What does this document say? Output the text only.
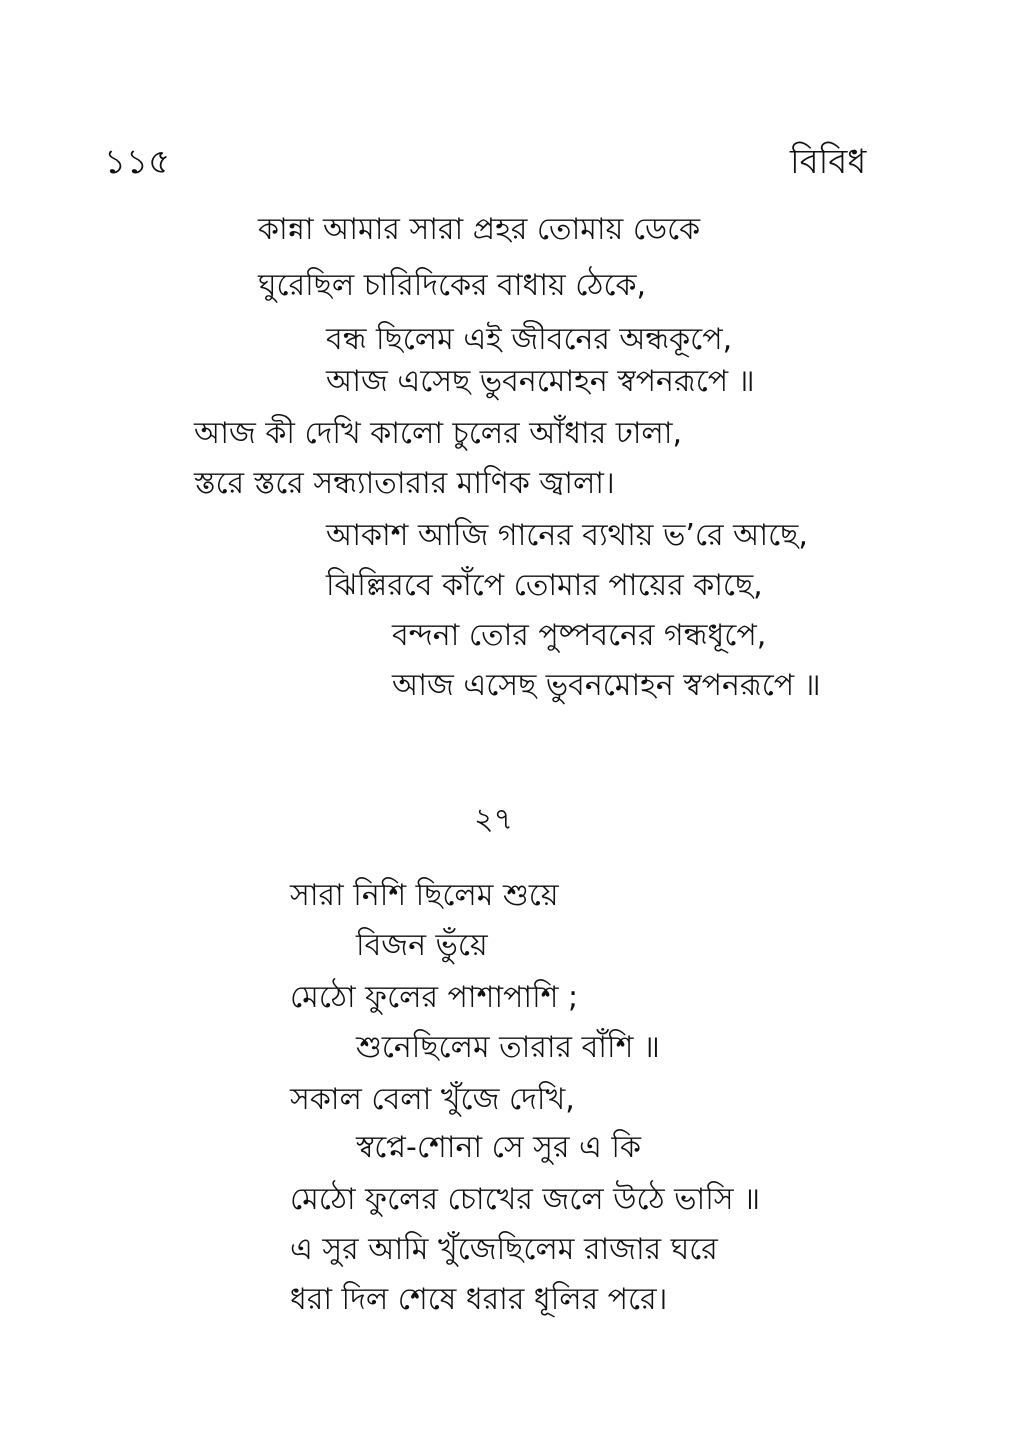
১১৫	বিবিধ
কান্না আমার সারা প্রহর তোমায় ডেকে
ঘুরেছিল চারিদিকের বাধায় ঠেকে,
বন্ধ ছিলেম এই জীবনের অন্ধকূপে,
আজ এসেছ ভুবনমোহন স্বপনরূপে ॥
আজ কী দেখি কালো চুলের আঁধার ঢালা,
স্তরে স্তরে সন্ধ্যাতারার মাণিক জ্বালা।
আকাশ আজি গানের ব্যথায় ভ’রে আছে,
ঝিল্লিরবে কাঁপে তোমার পায়ের কাছে,
বন্দনা তোর পুষ্পবনের গন্ধধূপে,
আজ এসেছ ভুবনমোহন স্বপনরূপে ॥
২৭
সারা নিশি ছিলেম শুয়ে
বিজন ভুঁয়ে
মেঠো ফুলের পাশাপাশি ;
শুনেছিলেম তারার বাঁশি ॥
সকাল বেলা খুঁজে দেখি,
স্বপ্নে-শোনা সে সুর এ কি
মেঠো ফুলের চোখের জলে উঠে ভাসি ॥
এ সুর আমি খুঁজেছিলেম রাজার ঘরে
ধরা দিল শেষে ধরার ধূলির পরে।
